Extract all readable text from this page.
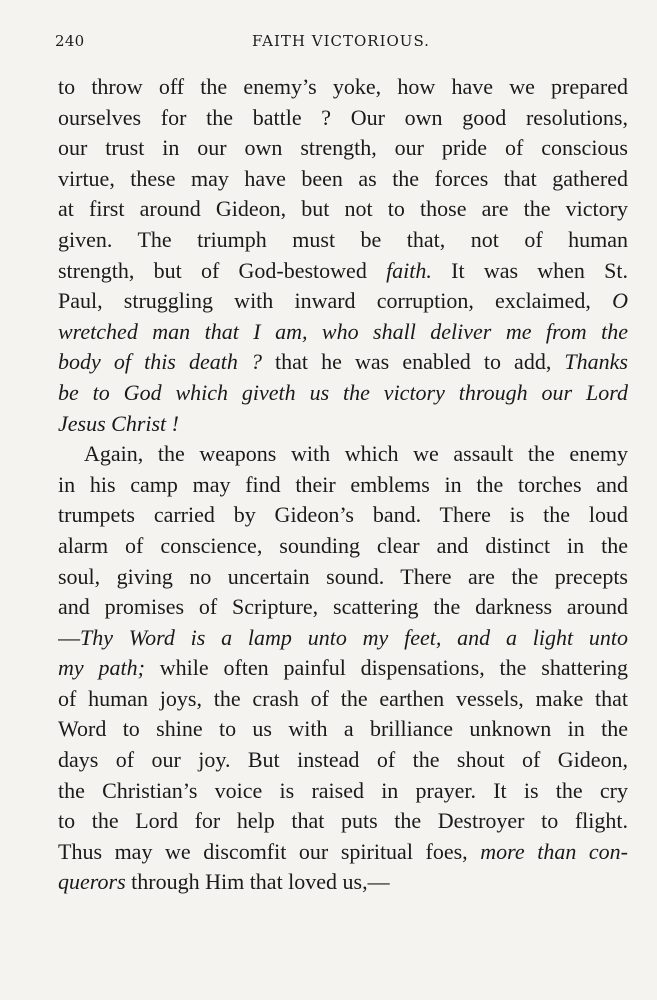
240	FAITH VICTORIOUS.
to throw off the enemy’s yoke, how have we prepared
ourselves for the battle ? Our own good resolutions,
our trust in our own strength, our pride of conscious
virtue, these may have been as the forces that gathered
at first around Gideon, but not to those are the victory
given. The triumph must be that, not of human
strength, but of God-bestowed faith. It was when St.
Paul, struggling with inward corruption, exclaimed, O
wretched man that I am, who shall deliver me from the
body of this death ? that he was enabled to add, Thanks
be to God which giveth us the victory through our Lord
Jesus Christ !
Again, the weapons with which we assault the enemy
in his camp may find their emblems in the torches and
trumpets carried by Gideon’s band. There is the loud
alarm of conscience, sounding clear and distinct in the
soul, giving no uncertain sound. There are the precepts
and promises of Scripture, scattering the darkness around
—Thy Word is a lamp unto my feet, and a light unto
my path; while often painful dispensations, the shattering
of human joys, the crash of the earthen vessels, make that
Word to shine to us with a brilliance unknown in the
days of our joy. But instead of the shout of Gideon,
the Christian’s voice is raised in prayer. It is the cry
to the Lord for help that puts the Destroyer to flight.
Thus may we discomfit our spiritual foes, more than con-
querors through Him that loved us,—
